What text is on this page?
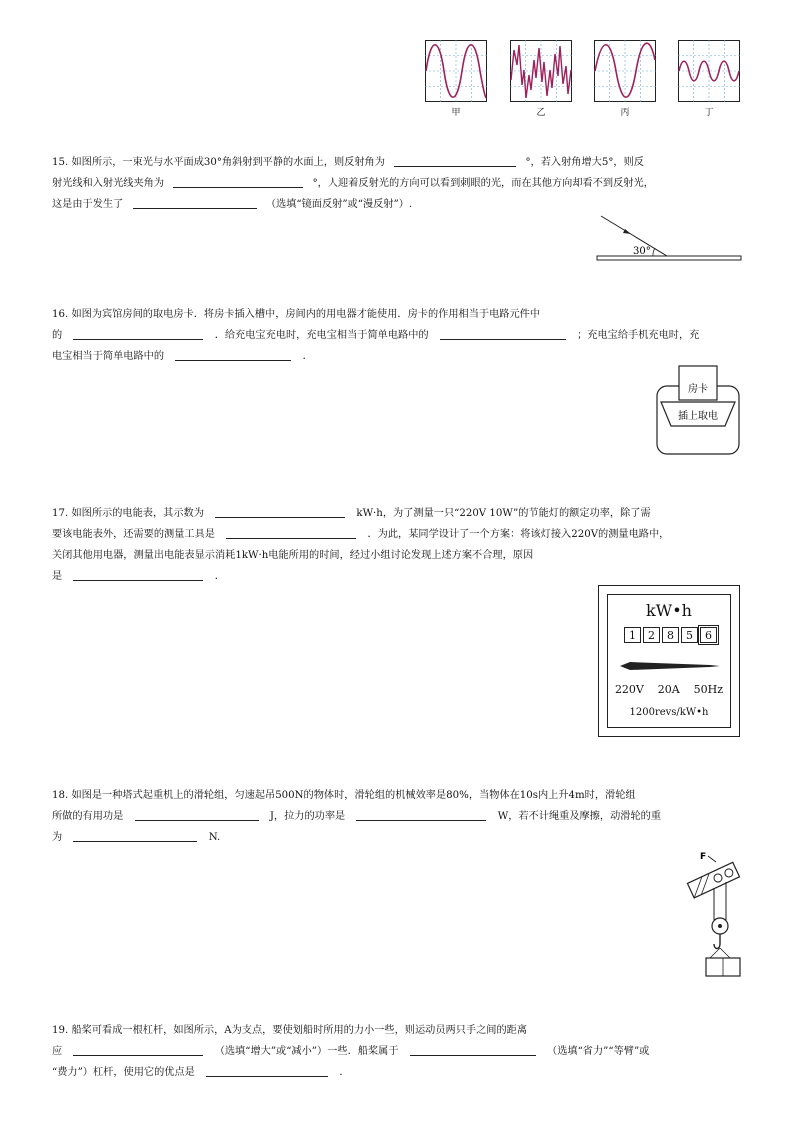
甲	乙	丙	丁
15. 如图所示，一束光与水平面成30°角斜射到平静的水面上，则反射角为	°，若入射角增大5°，则反
射光线和入射光线夹角为	°，人迎着反射光的方向可以看到刺眼的光，而在其他方向却看不到反射光，
这是由于发生了	（选填“镜面反射”或“漫反射”）.
30°
16. 如图为宾馆房间的取电房卡．将房卡插入槽中，房间内的用电器才能使用．房卡的作用相当于电路元件中
的	．给充电宝充电时，充电宝相当于简单电路中的	；充电宝给手机充电时，充
电宝相当于简单电路中的	．
房卡
插上取电
17. 如图所示的电能表，其示数为	kW·h，为了测量一只“220V 10W”的节能灯的额定功率，除了需
要该电能表外，还需要的测量工具是	．为此，某同学设计了一个方案：将该灯接入220V的测量电路中，
关闭其他用电器，测量出电能表显示消耗1kW·h电能所用的时间，经过小组讨论发现上述方案不合理，原因
是	．
kW•h
1	2	8	5	6
220V 20A 50Hz
1200revs/kW•h
18. 如图是一种塔式起重机上的滑轮组，匀速起吊500N的物体时，滑轮组的机械效率是80%，当物体在10s内上升4m时，滑轮组
所做的有用功是	J，拉力的功率是	W，若不计绳重及摩擦，动滑轮的重
为	N.
F
19. 船桨可看成一根杠杆，如图所示，A为支点，要使划船时所用的力小一些，则运动员两只手之间的距离
应	（选填“增大”或“减小”）一些．船桨属于	（选填“省力”“等臂”或
“费力”）杠杆，使用它的优点是	．
